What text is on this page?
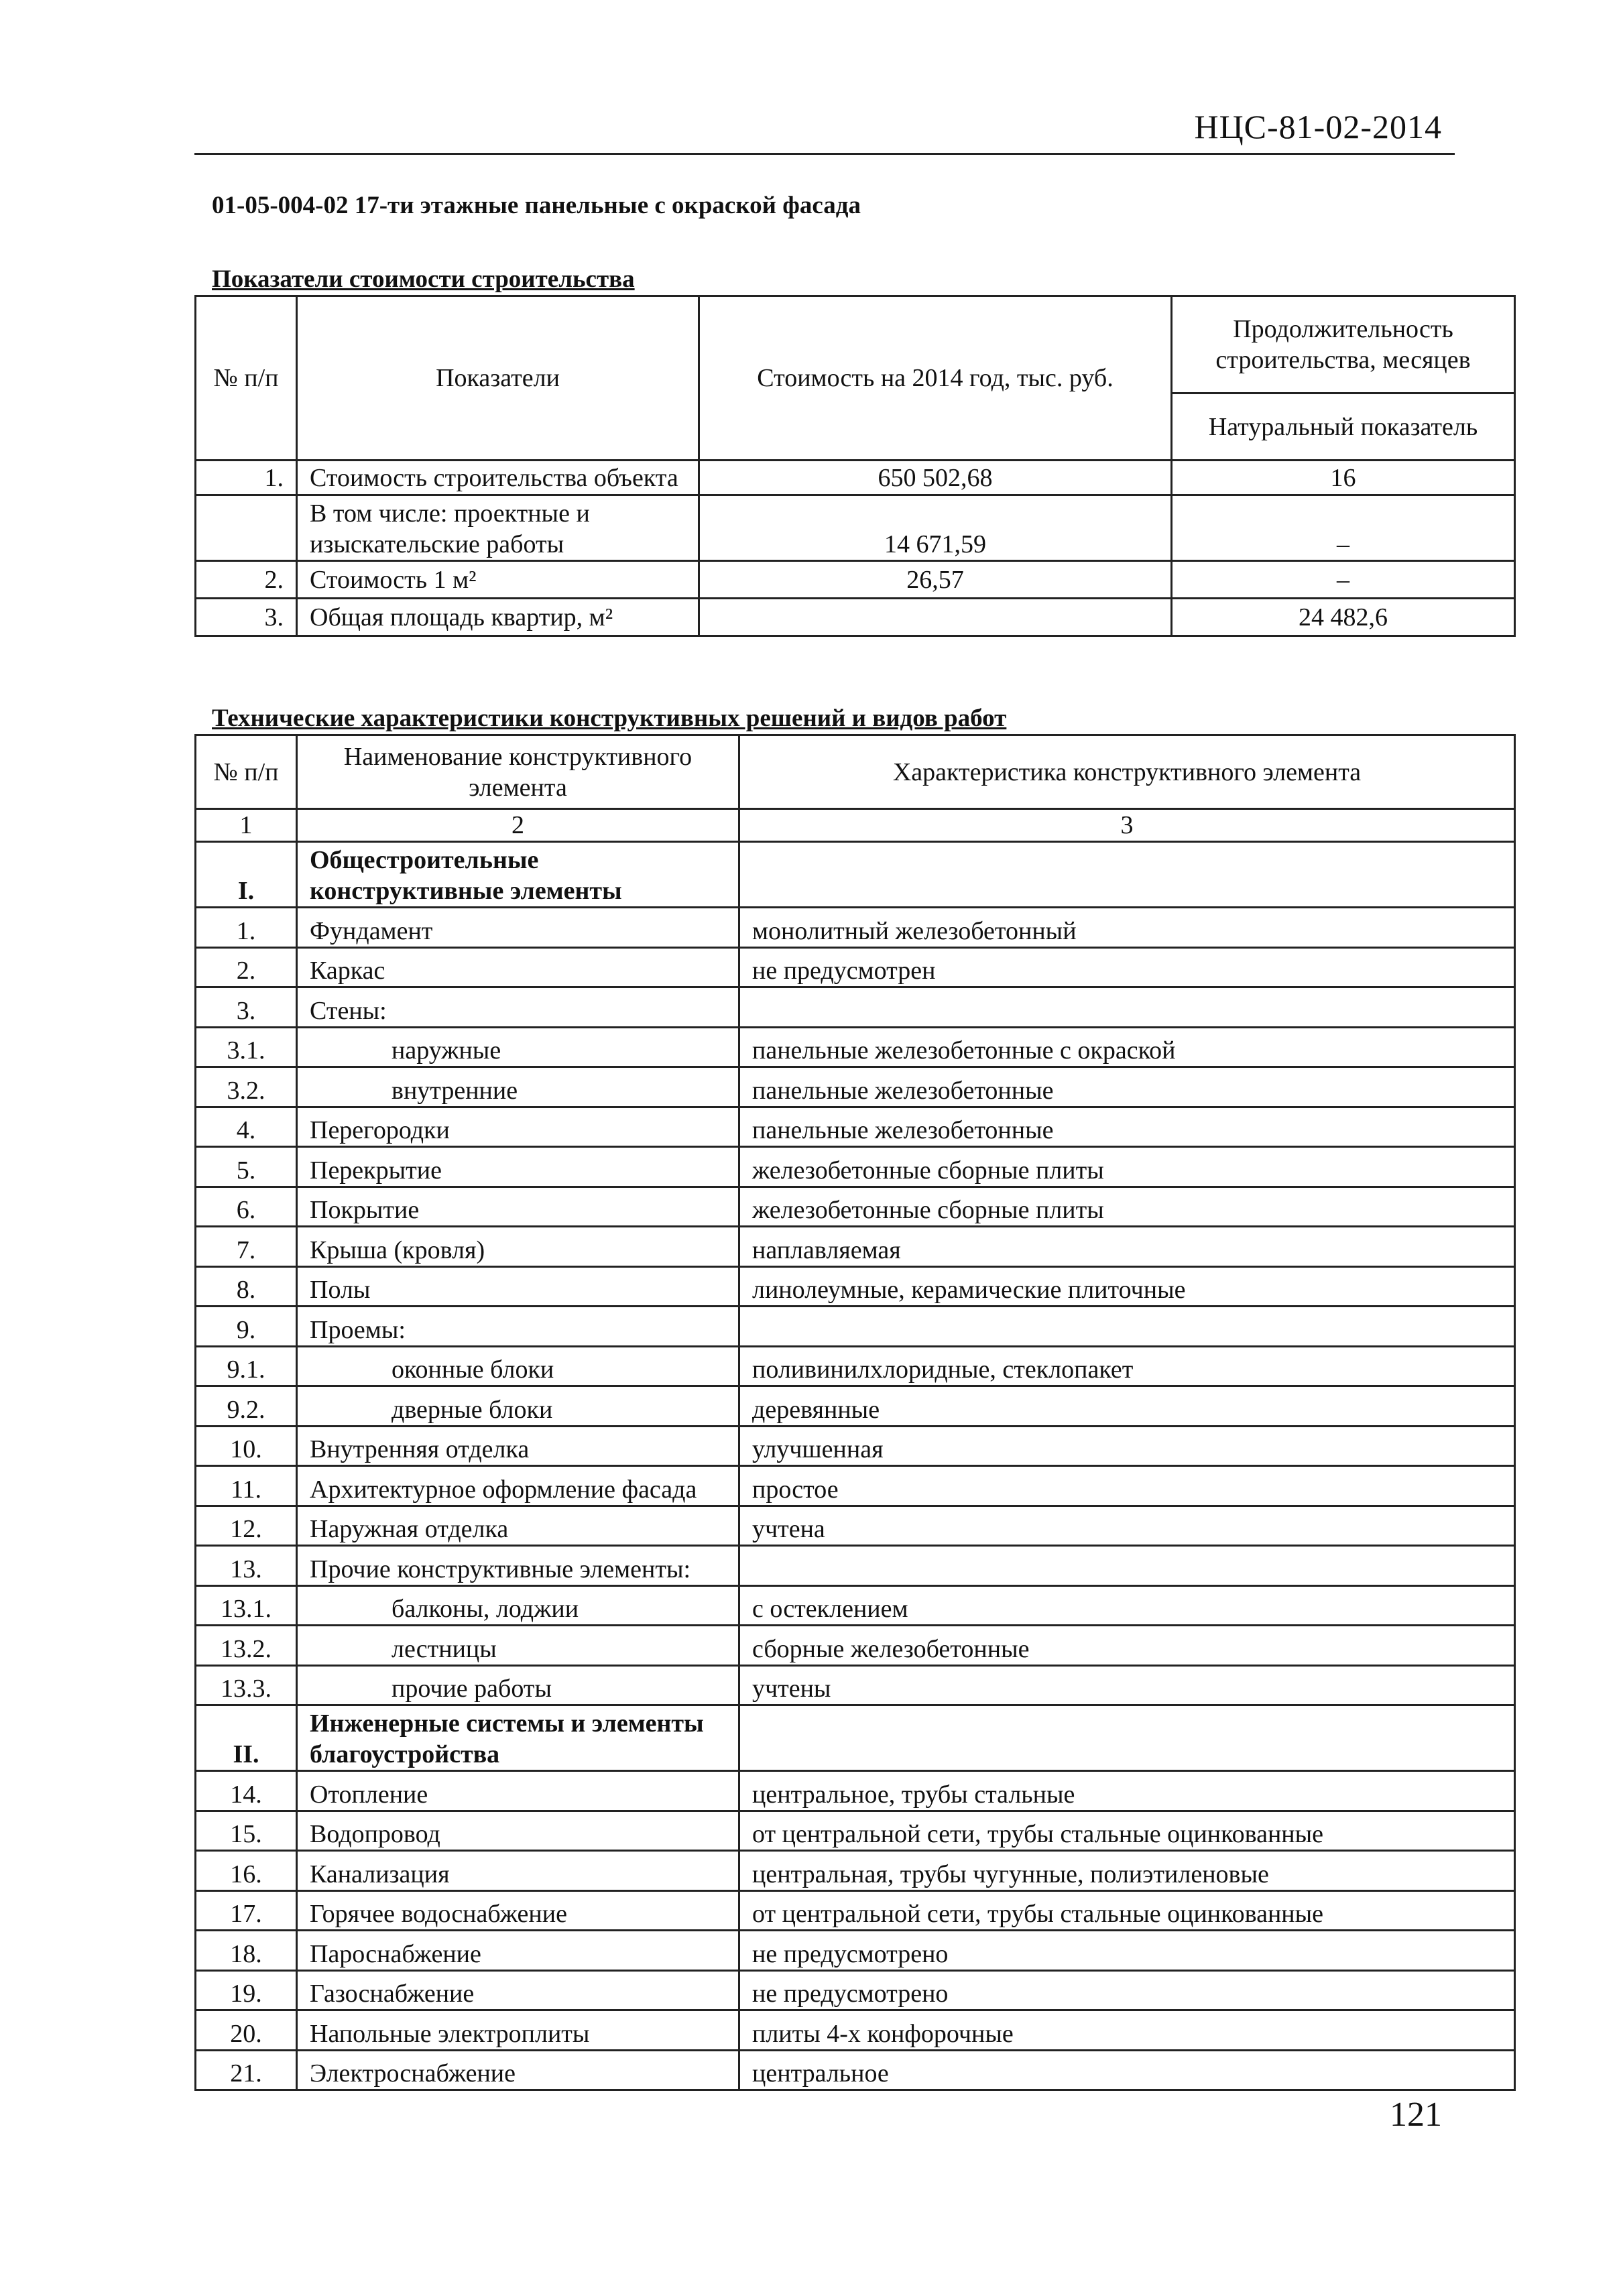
НЦС-81-02-2014
01-05-004-02 17-ти этажные панельные с окраской фасада
Показатели стоимости строительства
№ п/п	Показатели	Стоимость на 2014 год, тыс. руб.	Продолжительность строительства, месяцев
			Натуральный показатель
1.	Стоимость строительства объекта	650 502,68	16
	В том числе: проектные и изыскательские работы	14 671,59	–
2.	Стоимость 1 м²	26,57	–
3.	Общая площадь квартир, м²		24 482,6
Технические характеристики конструктивных решений и видов работ
№ п/п	Наименование конструктивного элемента	Характеристика конструктивного элемента
1	2	3
I.	Общестроительные конструктивные элементы	
1.	Фундамент	монолитный железобетонный
2.	Каркас	не предусмотрен
3.	Стены:	
3.1.	наружные	панельные железобетонные с окраской
3.2.	внутренние	панельные железобетонные
4.	Перегородки	панельные железобетонные
5.	Перекрытие	железобетонные сборные плиты
6.	Покрытие	железобетонные сборные плиты
7.	Крыша (кровля)	наплавляемая
8.	Полы	линолеумные, керамические плиточные
9.	Проемы:	
9.1.	оконные блоки	поливинилхлоридные, стеклопакет
9.2.	дверные блоки	деревянные
10.	Внутренняя отделка	улучшенная
11.	Архитектурное оформление фасада	простое
12.	Наружная отделка	учтена
13.	Прочие конструктивные элементы:	
13.1.	балконы, лоджии	с остеклением
13.2.	лестницы	сборные железобетонные
13.3.	прочие работы	учтены
II.	Инженерные системы и элементы благоустройства	
14.	Отопление	центральное, трубы стальные
15.	Водопровод	от центральной сети, трубы стальные оцинкованные
16.	Канализация	центральная, трубы чугунные, полиэтиленовые
17.	Горячее водоснабжение	от центральной сети, трубы стальные оцинкованные
18.	Пароснабжение	не предусмотрено
19.	Газоснабжение	не предусмотрено
20.	Напольные электроплиты	плиты 4-х конфорочные
21.	Электроснабжение	центральное
121
